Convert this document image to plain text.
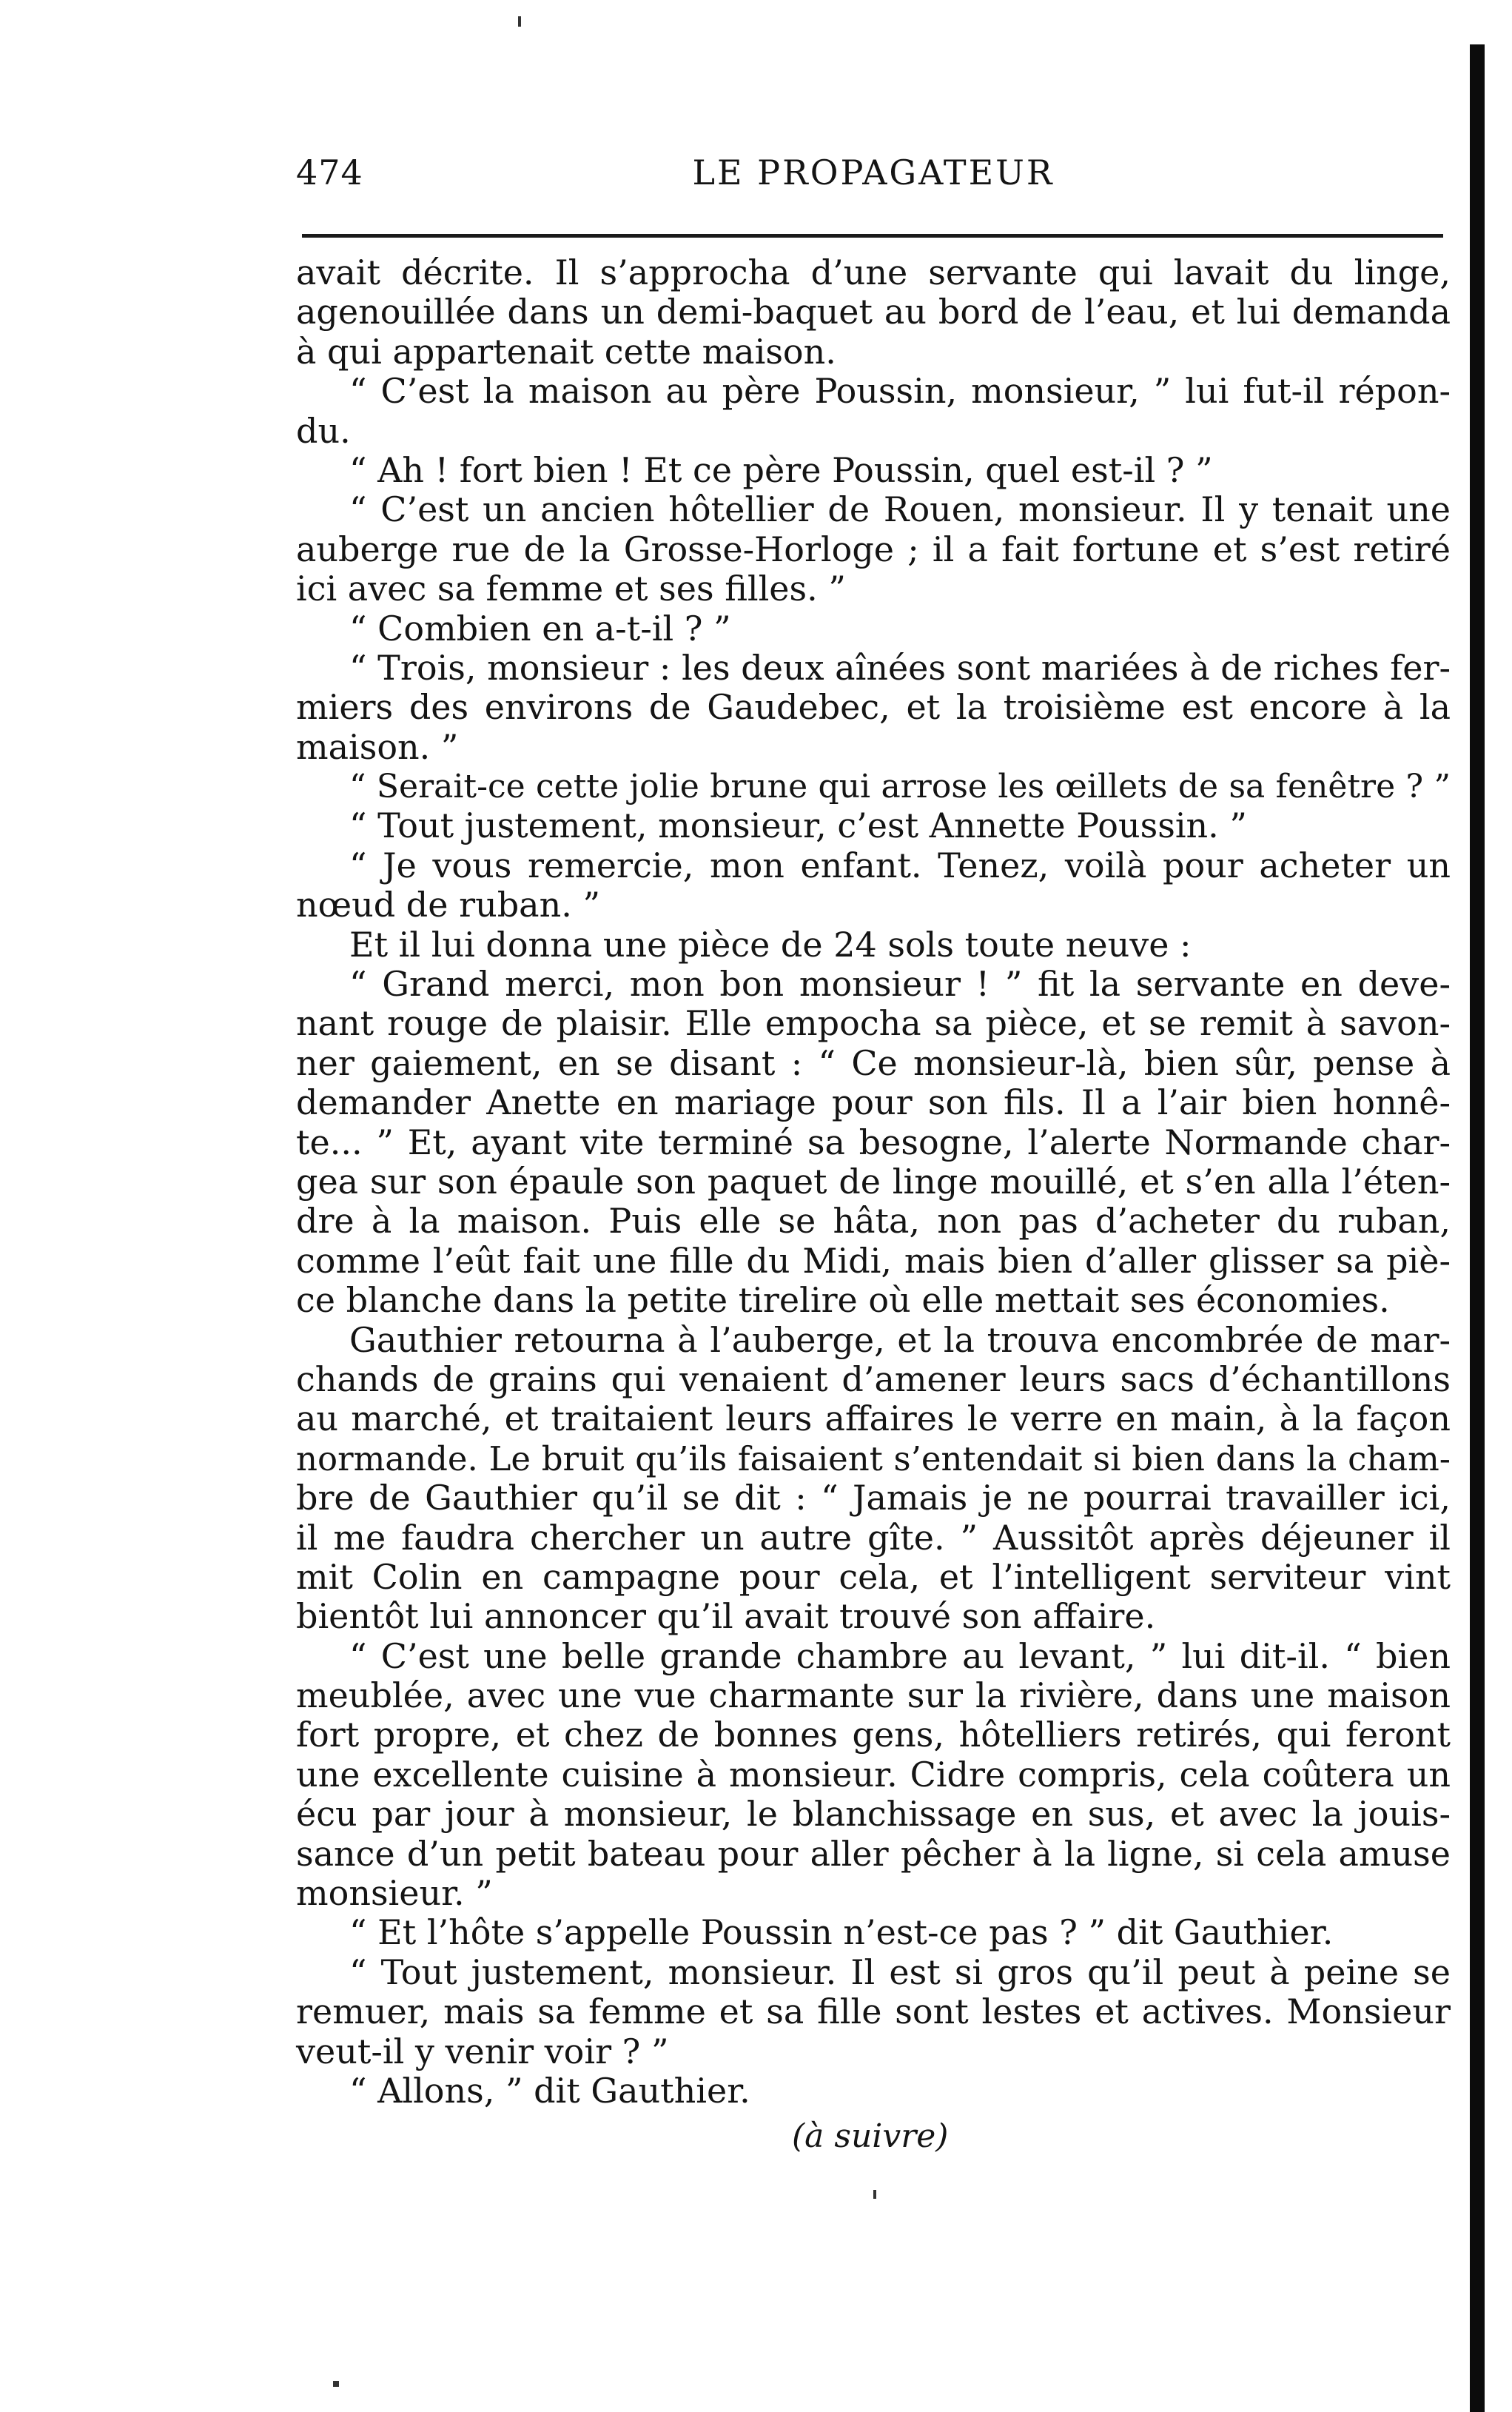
474	LE PROPAGATEUR
avait décrite. Il s’approcha d’une servante qui lavait du linge,
agenouillée dans un demi-baquet au bord de l’eau, et lui demanda
à qui appartenait cette maison.
“ C’est la maison au père Poussin, monsieur, ” lui fut-il répon-
du.
“ Ah ! fort bien ! Et ce père Poussin, quel est-il ? ”
“ C’est un ancien hôtellier de Rouen, monsieur. Il y tenait une
auberge rue de la Grosse-Horloge ; il a fait fortune et s’est retiré
ici avec sa femme et ses filles. ”
“ Combien en a-t-il ? ”
“ Trois, monsieur : les deux aînées sont mariées à de riches fer-
miers des environs de Gaudebec, et la troisième est encore à la
maison. ”
“ Serait-ce cette jolie brune qui arrose les œillets de sa fenêtre ? ”
“ Tout justement, monsieur, c’est Annette Poussin. ”
“ Je vous remercie, mon enfant. Tenez, voilà pour acheter un
nœud de ruban. ”
Et il lui donna une pièce de 24 sols toute neuve :
“ Grand merci, mon bon monsieur ! ” fit la servante en deve-
nant rouge de plaisir. Elle empocha sa pièce, et se remit à savon-
ner gaiement, en se disant : “ Ce monsieur-là, bien sûr, pense à
demander Anette en mariage pour son fils. Il a l’air bien honnê-
te... ” Et, ayant vite terminé sa besogne, l’alerte Normande char-
gea sur son épaule son paquet de linge mouillé, et s’en alla l’éten-
dre à la maison. Puis elle se hâta, non pas d’acheter du ruban,
comme l’eût fait une fille du Midi, mais bien d’aller glisser sa piè-
ce blanche dans la petite tirelire où elle mettait ses économies.
Gauthier retourna à l’auberge, et la trouva encombrée de mar-
chands de grains qui venaient d’amener leurs sacs d’échantillons
au marché, et traitaient leurs affaires le verre en main, à la façon
normande. Le bruit qu’ils faisaient s’entendait si bien dans la cham-
bre de Gauthier qu’il se dit : “ Jamais je ne pourrai travailler ici,
il me faudra chercher un autre gîte. ” Aussitôt après déjeuner il
mit Colin en campagne pour cela, et l’intelligent serviteur vint
bientôt lui annoncer qu’il avait trouvé son affaire.
“ C’est une belle grande chambre au levant, ” lui dit-il. “ bien
meublée, avec une vue charmante sur la rivière, dans une maison
fort propre, et chez de bonnes gens, hôtelliers retirés, qui feront
une excellente cuisine à monsieur. Cidre compris, cela coûtera un
écu par jour à monsieur, le blanchissage en sus, et avec la jouis-
sance d’un petit bateau pour aller pêcher à la ligne, si cela amuse
monsieur. ”
“ Et l’hôte s’appelle Poussin n’est-ce pas ? ” dit Gauthier.
“ Tout justement, monsieur. Il est si gros qu’il peut à peine se
remuer, mais sa femme et sa fille sont lestes et actives. Monsieur
veut-il y venir voir ? ”
“ Allons, ” dit Gauthier.
(à suivre)
